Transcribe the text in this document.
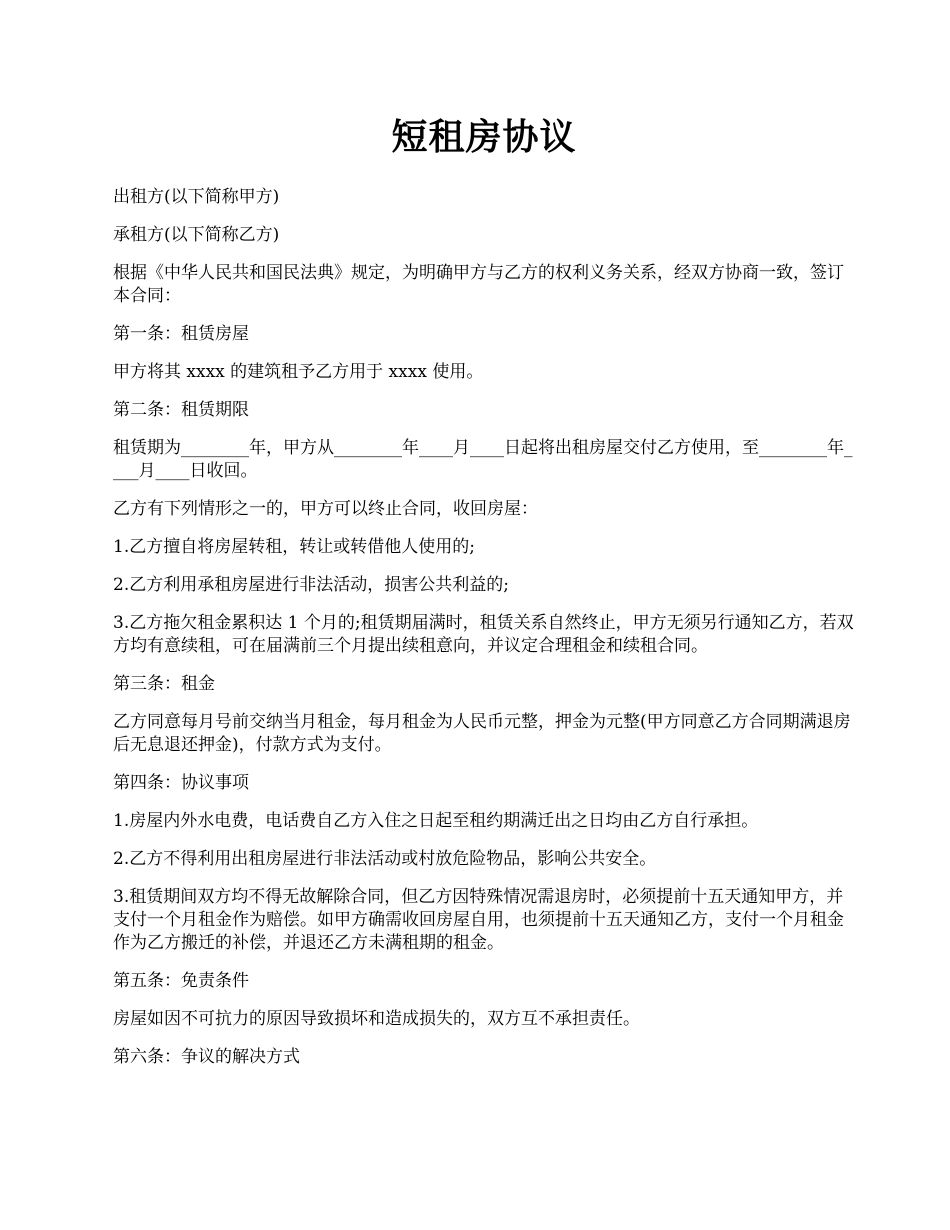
短租房协议

出租方(以下简称甲方)

承租方(以下简称乙方)

根据《中华人民共和国民法典》规定，为明确甲方与乙方的权利义务关系，经双方协商一致，签订本合同：

第一条：租赁房屋

甲方将其 xxxx 的建筑租予乙方用于 xxxx 使用。

第二条：租赁期限

租赁期为________年，甲方从________年____月____日起将出租房屋交付乙方使用，至________年____月____日收回。

乙方有下列情形之一的，甲方可以终止合同，收回房屋：

1.乙方擅自将房屋转租，转让或转借他人使用的;

2.乙方利用承租房屋进行非法活动，损害公共利益的;

3.乙方拖欠租金累积达 1 个月的;租赁期届满时，租赁关系自然终止，甲方无须另行通知乙方，若双方均有意续租，可在届满前三个月提出续租意向，并议定合理租金和续租合同。

第三条：租金

乙方同意每月号前交纳当月租金，每月租金为人民币元整，押金为元整(甲方同意乙方合同期满退房后无息退还押金)，付款方式为支付。

第四条：协议事项

1.房屋内外水电费，电话费自乙方入住之日起至租约期满迁出之日均由乙方自行承担。

2.乙方不得利用出租房屋进行非法活动或村放危险物品，影响公共安全。

3.租赁期间双方均不得无故解除合同，但乙方因特殊情况需退房时，必须提前十五天通知甲方，并支付一个月租金作为赔偿。如甲方确需收回房屋自用，也须提前十五天通知乙方，支付一个月租金作为乙方搬迁的补偿，并退还乙方未满租期的租金。

第五条：免责条件

房屋如因不可抗力的原因导致损坏和造成损失的，双方互不承担责任。

第六条：争议的解决方式
